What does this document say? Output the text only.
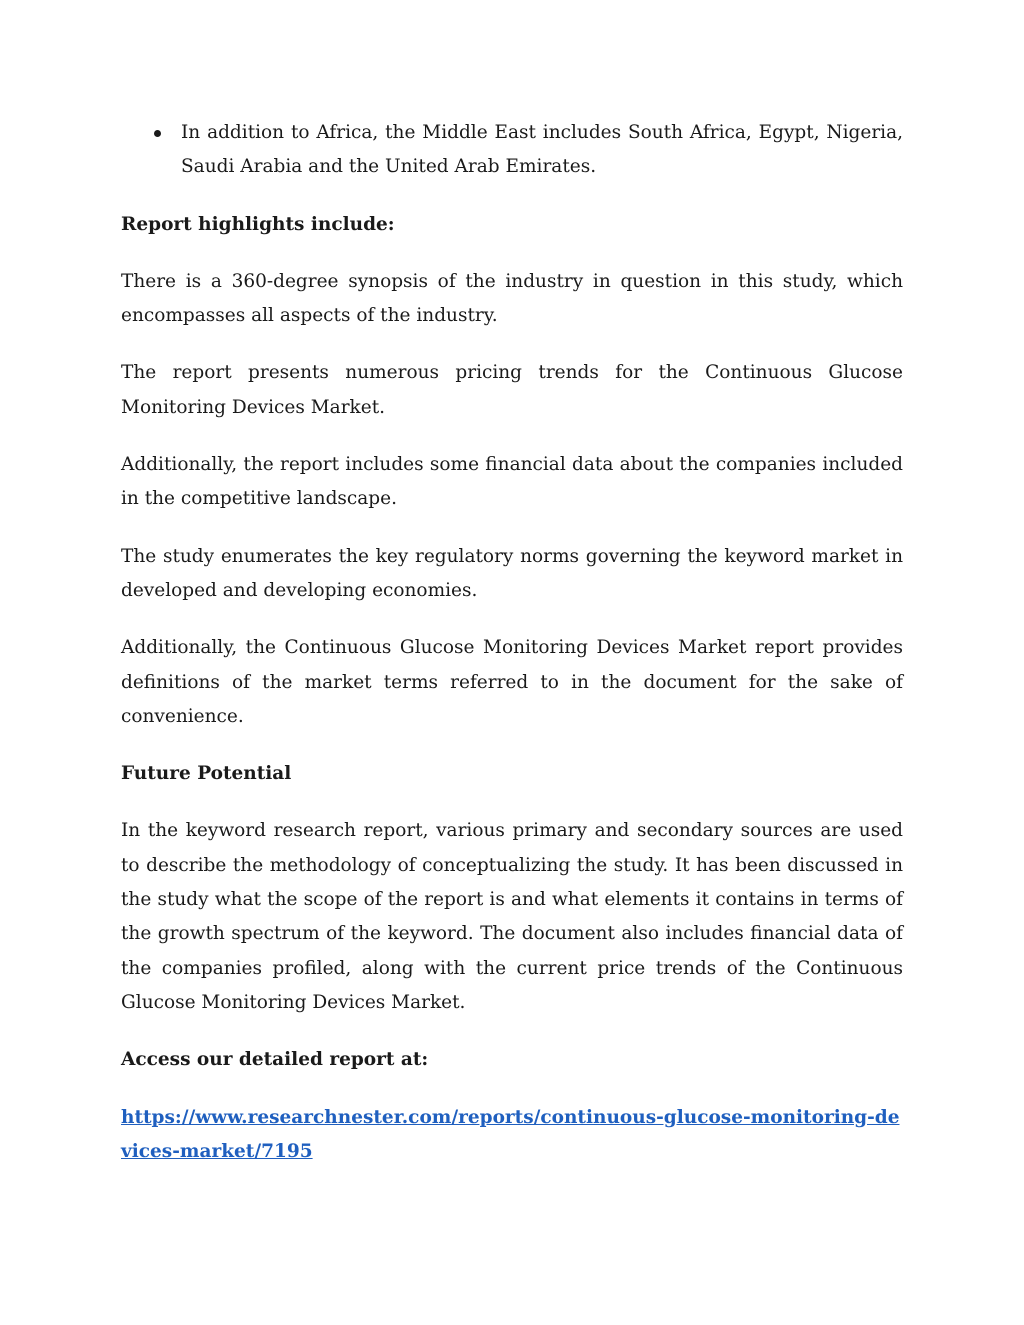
In addition to Africa, the Middle East includes South Africa, Egypt, Nigeria, Saudi Arabia and the United Arab Emirates.
Report highlights include:

There is a 360-degree synopsis of the industry in question in this study, which encompasses all aspects of the industry.

The report presents numerous pricing trends for the Continuous Glucose Monitoring Devices Market.

Additionally, the report includes some financial data about the companies included in the competitive landscape.

The study enumerates the key regulatory norms governing the keyword market in developed and developing economies.

Additionally, the Continuous Glucose Monitoring Devices Market report provides definitions of the market terms referred to in the document for the sake of convenience.

Future Potential

In the keyword research report, various primary and secondary sources are used to describe the methodology of conceptualizing the study. It has been discussed in the study what the scope of the report is and what elements it contains in terms of the growth spectrum of the keyword. The document also includes financial data of the companies profiled, along with the current price trends of the Continuous Glucose Monitoring Devices Market.

Access our detailed report at:
https://www.researchnester.com/reports/continuous-glucose-monitoring-devices-market/7195
